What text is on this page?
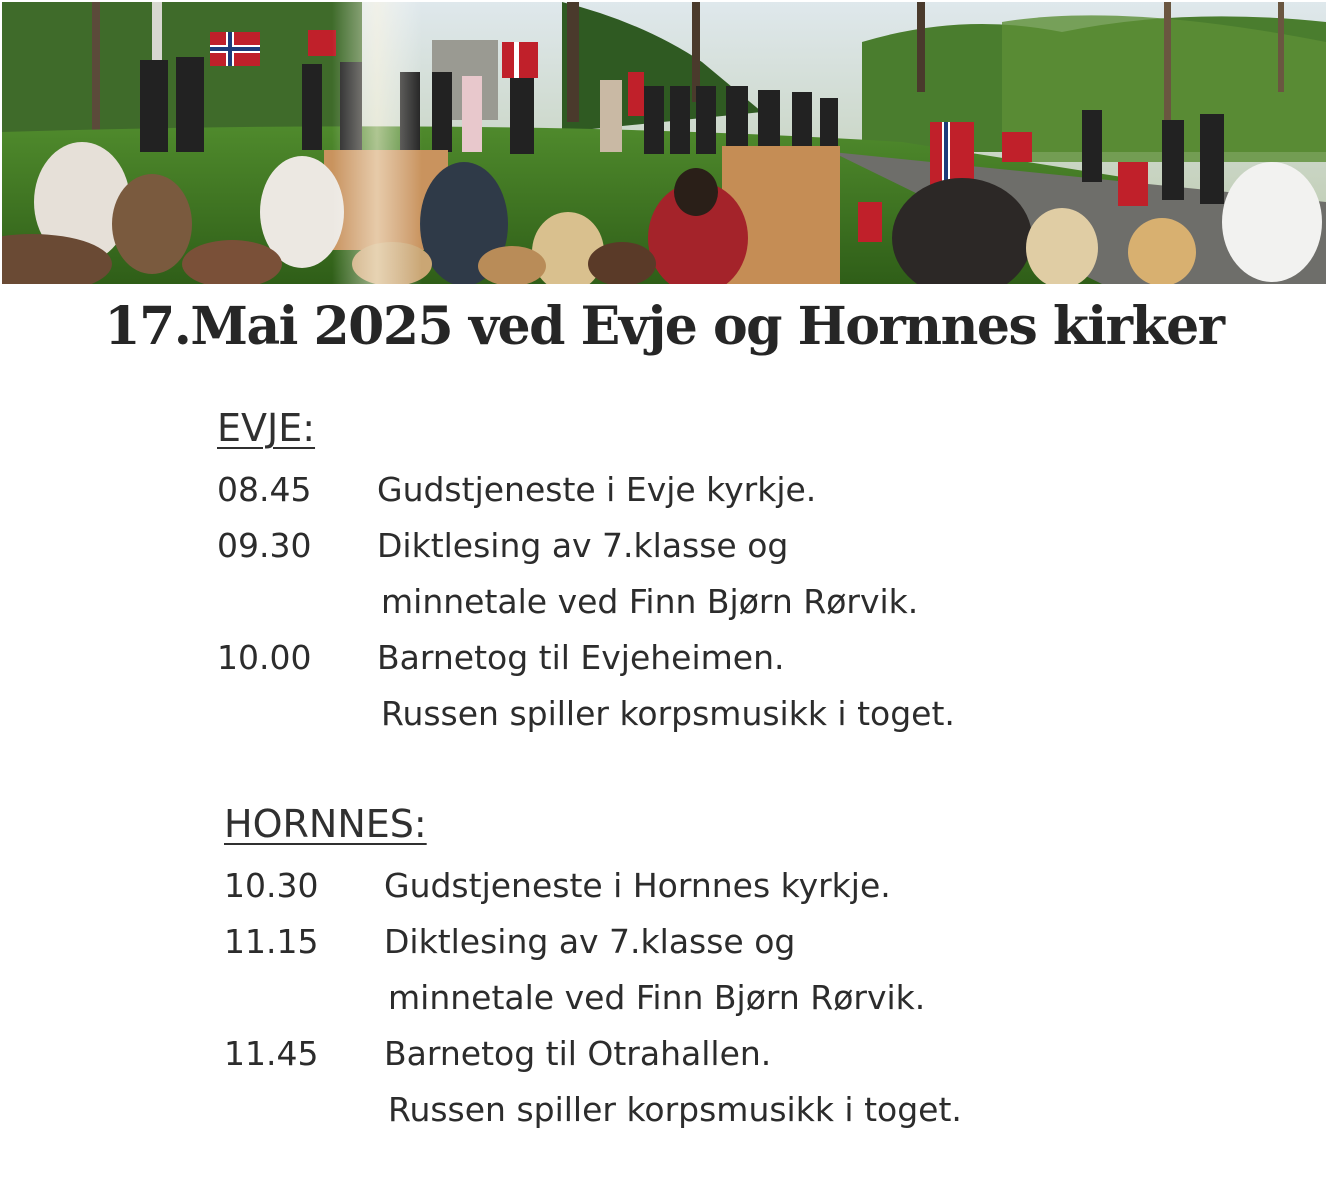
17.Mai 2025 ved Evje og Hornnes kirker
EVJE:
08.45 Gudstjeneste i Evje kyrkje.
09.30 Diktlesing av 7.klasse og
minnetale ved Finn Bjørn Rørvik.
10.00 Barnetog til Evjeheimen.
Russen spiller korpsmusikk i toget.
HORNNES:
10.30 Gudstjeneste i Hornnes kyrkje.
11.15 Diktlesing av 7.klasse og
minnetale ved Finn Bjørn Rørvik.
11.45 Barnetog til Otrahallen.
Russen spiller korpsmusikk i toget.
